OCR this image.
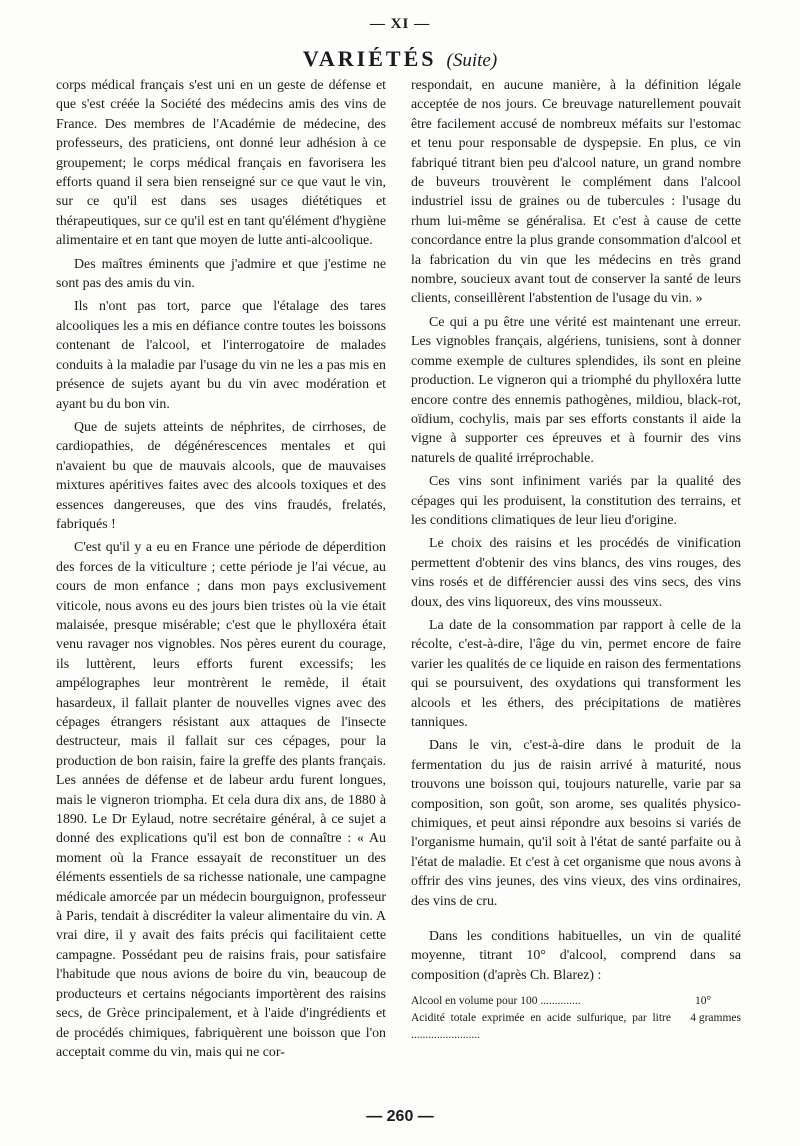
— XI —
VARIÉTÉS (Suite)

corps médical français s'est uni en un geste de défense et que s'est créée la Société des médecins amis des vins de France. Des membres de l'Académie de médecine, des professeurs, des praticiens, ont donné leur adhésion à ce groupement; le corps médical français en favorisera les efforts quand il sera bien renseigné sur ce que vaut le vin, sur ce qu'il est dans ses usages diététiques et thérapeutiques, sur ce qu'il est en tant qu'élément d'hygiène alimentaire et en tant que moyen de lutte anti-alcoolique.

Des maîtres éminents que j'admire et que j'estime ne sont pas des amis du vin.

Ils n'ont pas tort, parce que l'étalage des tares alcooliques les a mis en défiance contre toutes les boissons contenant de l'alcool, et l'interrogatoire de malades conduits à la maladie par l'usage du vin ne les a pas mis en présence de sujets ayant bu du vin avec modération et ayant bu du bon vin.

Que de sujets atteints de néphrites, de cirrhoses, de cardiopathies, de dégénérescences mentales et qui n'avaient bu que de mauvais alcools, que de mauvaises mixtures apéritives faites avec des alcools toxiques et des essences dangereuses, que des vins fraudés, frelatés, fabriqués !

C'est qu'il y a eu en France une période de déperdition des forces de la viticulture ; cette période je l'ai vécue, au cours de mon enfance ; dans mon pays exclusivement viticole, nous avons eu des jours bien tristes où la vie était malaisée, presque misérable; c'est que le phylloxéra était venu ravager nos vignobles. Nos pères eurent du courage, ils luttèrent, leurs efforts furent excessifs; les ampélographes leur montrèrent le remède, il était hasardeux, il fallait planter de nouvelles vignes avec des cépages étrangers résistant aux attaques de l'insecte destructeur, mais il fallait sur ces cépages, pour la production de bon raisin, faire la greffe des plants français. Les années de défense et de labeur ardu furent longues, mais le vigneron triompha. Et cela dura dix ans, de 1880 à 1890. Le Dr Eylaud, notre secrétaire général, à ce sujet a donné des explications qu'il est bon de connaître : « Au moment où la France essayait de reconstituer un des éléments essentiels de sa richesse nationale, une campagne médicale amorcée par un médecin bourguignon, professeur à Paris, tendait à discréditer la valeur alimentaire du vin. A vrai dire, il y avait des faits précis qui facilitaient cette campagne. Possédant peu de raisins frais, pour satisfaire l'habitude que nous avions de boire du vin, beaucoup de producteurs et certains négociants importèrent des raisins secs, de Grèce principalement, et à l'aide d'ingrédients et de procédés chimiques, fabriquèrent une boisson que l'on acceptait comme du vin, mais qui ne cor-

respondait, en aucune manière, à la définition légale acceptée de nos jours. Ce breuvage naturellement pouvait être facilement accusé de nombreux méfaits sur l'estomac et tenu pour responsable de dyspepsie. En plus, ce vin fabriqué titrant bien peu d'alcool nature, un grand nombre de buveurs trouvèrent le complément dans l'alcool industriel issu de graines ou de tubercules : l'usage du rhum lui-même se généralisa. Et c'est à cause de cette concordance entre la plus grande consommation d'alcool et la fabrication du vin que les médecins en très grand nombre, soucieux avant tout de conserver la santé de leurs clients, conseillèrent l'abstention de l'usage du vin. »

Ce qui a pu être une vérité est maintenant une erreur. Les vignobles français, algériens, tunisiens, sont à donner comme exemple de cultures splendides, ils sont en pleine production. Le vigneron qui a triomphé du phylloxéra lutte encore contre des ennemis pathogènes, mildiou, black-rot, oïdium, cochylis, mais par ses efforts constants il aide la vigne à supporter ces épreuves et à fournir des vins naturels de qualité irréprochable.

Ces vins sont infiniment variés par la qualité des cépages qui les produisent, la constitution des terrains, et les conditions climatiques de leur lieu d'origine.

Le choix des raisins et les procédés de vinification permettent d'obtenir des vins blancs, des vins rouges, des vins rosés et de différencier aussi des vins secs, des vins doux, des vins liquoreux, des vins mousseux.

La date de la consommation par rapport à celle de la récolte, c'est-à-dire, l'âge du vin, permet encore de faire varier les qualités de ce liquide en raison des fermentations qui se poursuivent, des oxydations qui transforment les alcools et les éthers, des précipitations de matières tanniques.

Dans le vin, c'est-à-dire dans le produit de la fermentation du jus de raisin arrivé à maturité, nous trouvons une boisson qui, toujours naturelle, varie par sa composition, son goût, son arome, ses qualités physico-chimiques, et peut ainsi répondre aux besoins si variés de l'organisme humain, qu'il soit à l'état de santé parfaite ou à l'état de maladie. Et c'est à cet organisme que nous avons à offrir des vins jeunes, des vins vieux, des vins ordinaires, des vins de cru.

Dans les conditions habituelles, un vin de qualité moyenne, titrant 10° d'alcool, comprend dans sa composition (d'après Ch. Blarez) :

Alcool en volume pour 100 ..............	10°
Acidité totale exprimée en acide sulfurique, par litre ........................
4 grammes
— 260 —
